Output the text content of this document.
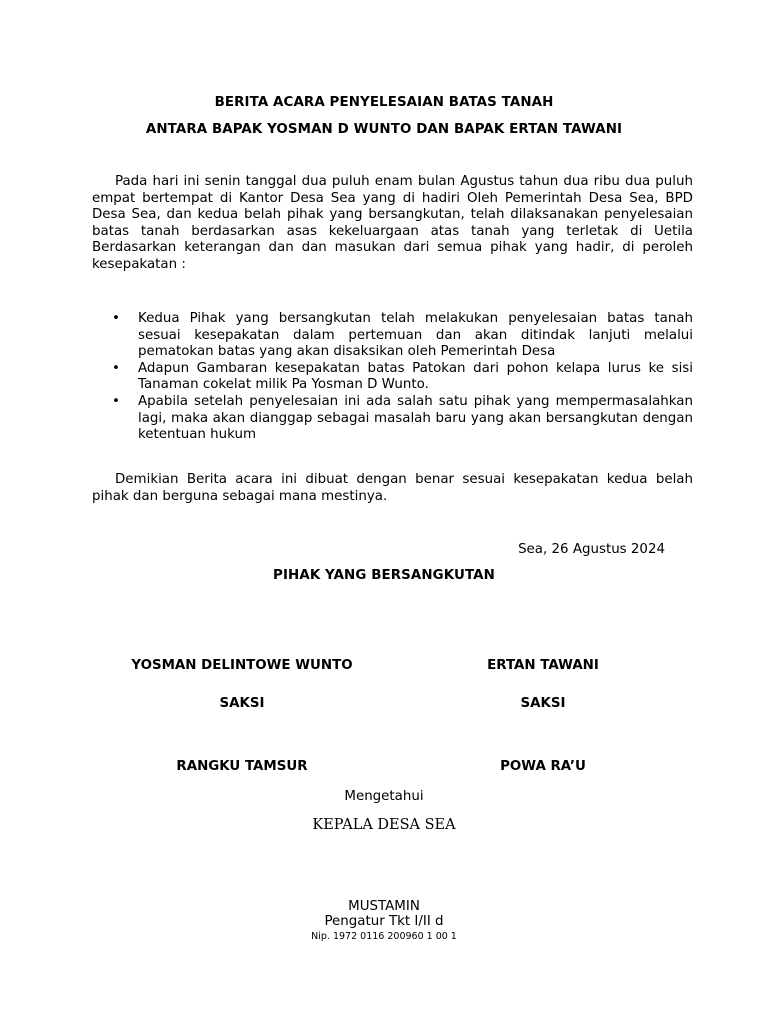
BERITA ACARA PENYELESAIAN BATAS TANAH
ANTARA BAPAK YOSMAN D WUNTO DAN BAPAK ERTAN TAWANI
Pada hari ini senin tanggal dua puluh enam bulan Agustus tahun dua ribu dua puluh empat bertempat di Kantor Desa Sea yang di hadiri Oleh Pemerintah Desa Sea, BPD Desa Sea, dan kedua belah pihak yang bersangkutan, telah dilaksanakan penyelesaian batas tanah berdasarkan asas kekeluargaan atas tanah yang terletak di Uetila Berdasarkan keterangan dan dan masukan dari semua pihak yang hadir, di peroleh kesepakatan :
• Kedua Pihak yang bersangkutan telah melakukan penyelesaian batas tanah sesuai kesepakatan dalam pertemuan dan akan ditindak lanjuti melalui pematokan batas yang akan disaksikan oleh Pemerintah Desa
• Adapun Gambaran kesepakatan batas Patokan dari pohon kelapa lurus ke sisi Tanaman cokelat milik Pa Yosman D Wunto.
• Apabila setelah penyelesaian ini ada salah satu pihak yang mempermasalahkan lagi, maka akan dianggap sebagai masalah baru yang akan bersangkutan dengan ketentuan hukum
Demikian Berita acara ini dibuat dengan benar sesuai kesepakatan kedua belah pihak dan berguna sebagai mana mestinya.
Sea, 26 Agustus 2024
PIHAK YANG BERSANGKUTAN
YOSMAN DELINTOWE WUNTO	ERTAN TAWANI
SAKSI	SAKSI
RANGKU TAMSUR	POWA RA’U
Mengetahui
KEPALA DESA SEA
MUSTAMIN
Pengatur Tkt I/II d
Nip. 1972 0116 200960 1 00 1
